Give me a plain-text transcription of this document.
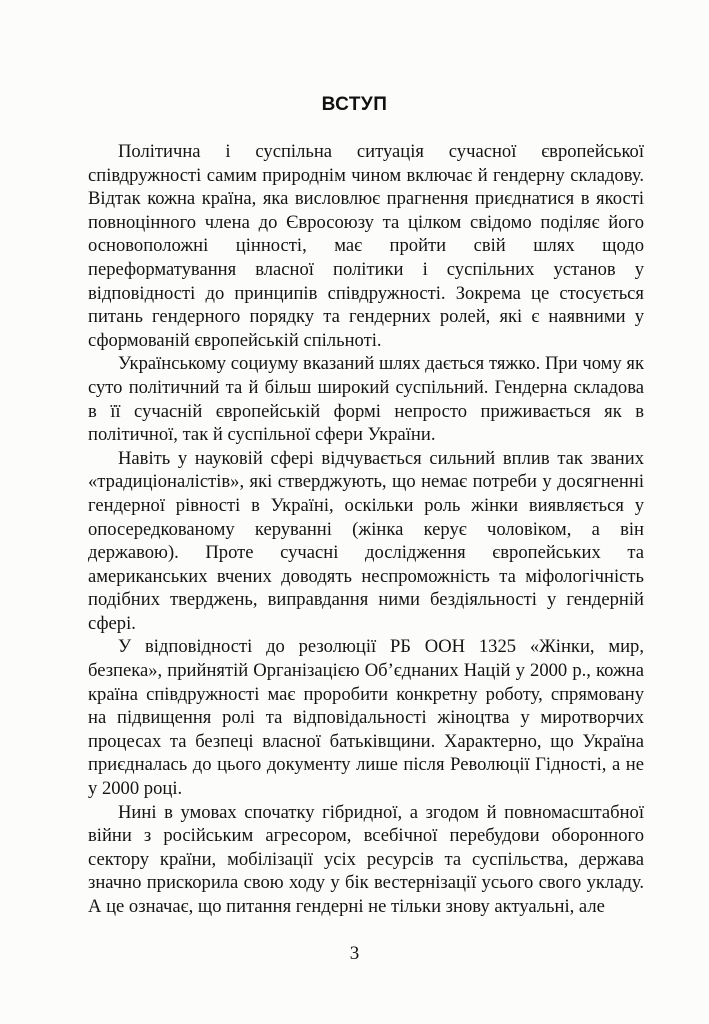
ВСТУП

Політична і суспільна ситуація сучасної європейської співдружності самим природнім чином включає й гендерну складову. Відтак кожна країна, яка висловлює прагнення приєднатися в якості повноцінного члена до Євросоюзу та цілком свідомо поділяє його основоположні цінності, має пройти свій шлях щодо переформатування власної політики і суспільних установ у відповідності до принципів співдружності. Зокрема це стосується питань гендерного порядку та гендерних ролей, які є наявними у сформованій європейській спільноті.

Українському социуму вказаний шлях дається тяжко. При чому як суто політичний та й більш широкий суспільний. Гендерна складова в її сучасній європейській формі непросто приживається як в політичної, так й суспільної сфери України.

Навіть у науковій сфері відчувається сильний вплив так званих «традиціоналістів», які стверджують, що немає потреби у досягненні гендерної рівності в Україні, оскільки роль жінки виявляється у опосередкованому керуванні (жінка керує чоловіком, а він державою). Проте сучасні дослідження європейських та американських вчених доводять неспроможність та міфологічність подібних тверджень, виправдання ними бездіяльності у гендерній сфері.

У відповідності до резолюції РБ ООН 1325 «Жінки, мир, безпека», прийнятій Організацією Об’єднаних Націй у 2000 р., кожна країна співдружності має проробити конкретну роботу, спрямовану на підвищення ролі та відповідальності жіноцтва у миротворчих процесах та безпеці власної батьківщини. Характерно, що Україна приєдналась до цього документу лише після Революції Гідності, а не у 2000 році.

Нині в умовах спочатку гібридної, а згодом й повномасштабної війни з російським агресором, всебічної перебудови оборонного сектору країни, мобілізації усіх ресурсів та суспільства, держава значно прискорила свою ходу у бік вестернізації усього свого укладу. А це означає, що питання гендерні не тільки знову актуальні, але

3
